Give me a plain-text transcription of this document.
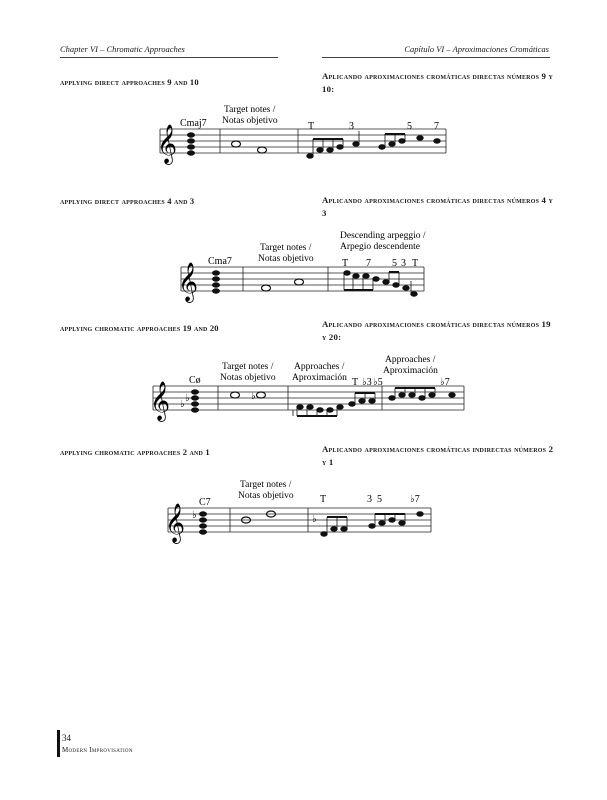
Chapter VI – Chromatic Approaches	Capítulo VI – Aproximaciones Cromáticas
applying direct approaches 9 and 10
Aplicando aproximaciones cromáticas directas números 9 y 10:
𝄞
Cmaj7
Target notes /
Notas objetivo	T	3	5 7
applying direct approaches 4 and 3	Aplicando aproximaciones cromáticas directas números 4 y 3
𝄞
Cma7
Target notes /
Notas objetivo
Descending arpeggio /
Arpegio descendente
T 7 5 3 T
applying chromatic approaches 19 and 20	Aplicando aproximaciones cromáticas directas números 19 y 20:
𝄞
Cø
♭
♭
Target notes /
Notas objetivo
Approaches /
Aproximación
Approaches /
Aproximación
♭
T ♭3 ♭5	♭7
applying chromatic approaches 2 and 1	Aplicando aproximaciones cromáticas indirectas números 2 y 1
𝄞
C7
♭
Target notes /
Notas objetivo	T	3 5	♭7
♭
34
Modern Improvisation
